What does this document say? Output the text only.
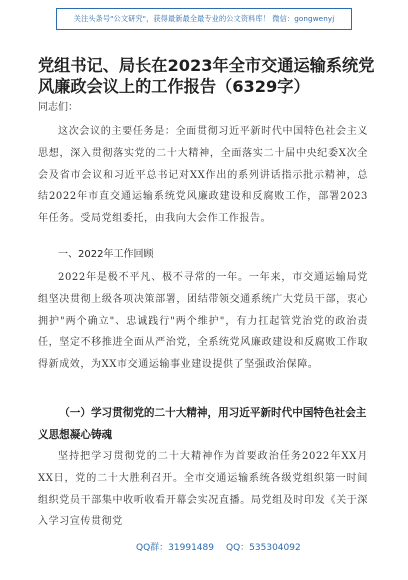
关注头条号"公文研究"，获得最新最全最专业的公文资料库！ 微信：gongwenyj
党组书记、局长在2023年全市交通运输系统党风廉政会议上的工作报告（6329字）
同志们：

这次会议的主要任务是：全面贯彻习近平新时代中国特色社会主义思想，深入贯彻落实党的二十大精神，全面落实二十届中央纪委X次全会及省市会议和习近平总书记对XX作出的系列讲话指示批示精神，总结2022年市直交通运输系统党风廉政建设和反腐败工作，部署2023年任务。受局党组委托，由我向大会作工作报告。

一、2022年工作回顾

2022年是极不平凡、极不寻常的一年。一年来，市交通运输局党组坚决贯彻上级各项决策部署，团结带领交通系统广大党员干部，衷心拥护"两个确立"、忠诚践行"两个维护"，有力扛起管党治党的政治责任，坚定不移推进全面从严治党，全系统党风廉政建设和反腐败工作取得新成效，为XX市交通运输事业建设提供了坚强政治保障。

（一）学习贯彻党的二十大精神，用习近平新时代中国特色社会主义思想凝心铸魂

坚持把学习贯彻党的二十大精神作为首要政治任务2022年XX月XX日，党的二十大胜利召开。全市交通运输系统各级党组织第一时间组织党员干部集中收听收看开幕会实况直播。局党组及时印发《关于深入学习宣传贯彻党

QQ群：31991489 QQ：535304092
